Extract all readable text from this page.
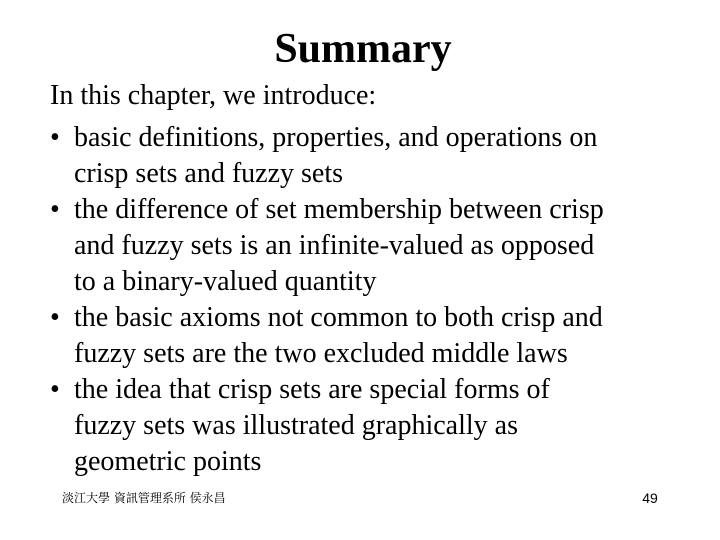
Summary

In this chapter, we introduce:

• basic definitions, properties, and operations on
crisp sets and fuzzy sets
• the difference of set membership between crisp
and fuzzy sets is an infinite-valued as opposed
to a binary-valued quantity
• the basic axioms not common to both crisp and
fuzzy sets are the two excluded middle laws
• the idea that crisp sets are special forms of
fuzzy sets was illustrated graphically as
geometric points
淡江大學 資訊管理系所 侯永昌	49
